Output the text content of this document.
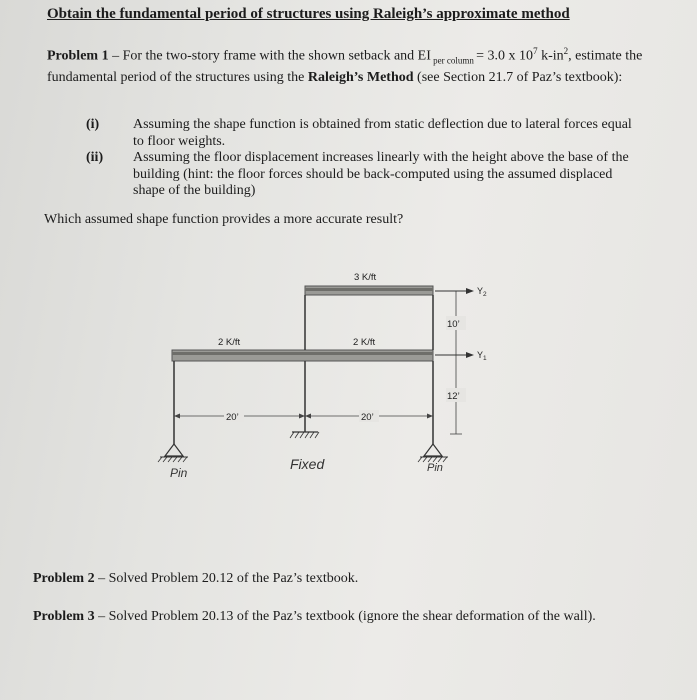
Obtain the fundamental period of structures using Raleigh’s approximate method
Problem 1 – For the two-story frame with the shown setback and EI $_{per column}$ = 3.0 x $10^7$ $k-in^2$, estimate the fundamental period of the structures using the Raleigh’s Method (see Section 21.7 of Paz’s textbook):
(i) Assuming the shape function is obtained from static deflection due to lateral forces equal to floor weights.
(ii) Assuming the floor displacement increases linearly with the height above the base of the building (hint: the floor forces should be back-computed using the assumed displaced shape of the building)
Which assumed shape function provides a more accurate result?
3 K/ft
2 K/ft	2 K/ft
20’	20’
10’
12’
$Y_2$
$Y_1$
Pin
Fixed	Pin
Problem 2 – Solved Problem 20.12 of the Paz’s textbook.
Problem 3 – Solved Problem 20.13 of the Paz’s textbook (ignore the shear deformation of the wall).
